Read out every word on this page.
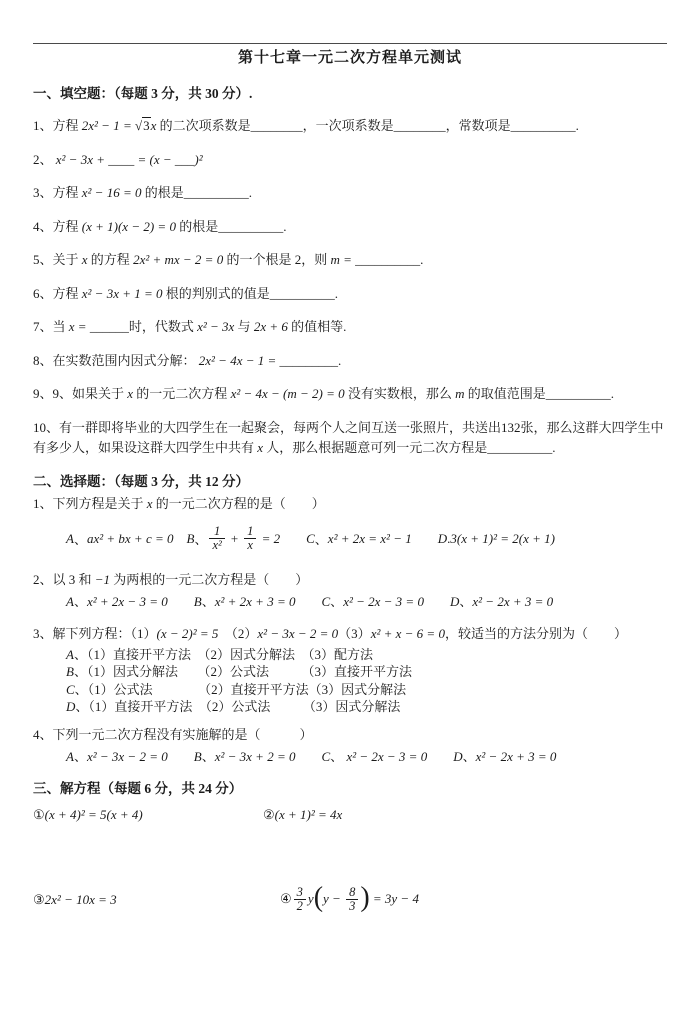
第十七章一元二次方程单元测试
一、填空题：（每题 3 分，共 30 分）.
1、方程 2x² − 1 = √3x 的二次项系数是________，一次项系数是________，常数项是__________.
2、 x² − 3x + ____ = (x − ___)²
3、方程 x² − 16 = 0 的根是__________.
4、方程 (x + 1)(x − 2) = 0 的根是__________.
5、关于 x 的方程 2x² + mx − 2 = 0 的一个根是 2，则 m = __________.
6、方程 x² − 3x + 1 = 0 根的判别式的值是__________.
7、当 x = ______时，代数式 x² − 3x 与 2x + 6 的值相等.
8、在实数范围内因式分解： 2x² − 4x − 1 = _________.
9、9、如果关于 x 的一元二次方程 x² − 4x − (m − 2) = 0 没有实数根，那么 m 的取值范围是__________.
10、有一群即将毕业的大四学生在一起聚会，每两个人之间互送一张照片，共送出132张，那么这群大四学生中有多少人，如果设这群大四学生中共有 x 人，那么根据题意可列一元二次方程是__________.
二、选择题：（每题 3 分，共 12 分）
1、下列方程是关于 x 的一元二次方程的是（　　）
A 、 ax² + bx + c = 0
　 B 、 $\frac{1}{\text{x²}} + \frac{1}{x} = 2$
　　 C 、 x² + 2x = x² − 1
　　 D . 3(x + 1)² = 2(x + 1)
2、以 3 和 −1 为两根的一元二次方程是（　　）
A、x² + 2x − 3 = 0　　 B、x² + 2x + 3 = 0　　 C、x² − 2x − 3 = 0　　 D、x² − 2x + 3 = 0
3、解下列方程：（1）(x − 2)² = 5　（2）x² − 3x − 2 = 0（3）x² + x − 6 = 0，较适当的方法分别为（　　）
A、（1）直接开平方法　（2）因式分解法　（3）配方法
B、（1）因式分解法　　（2）公式法　　　（3）直接开平方法
C、（1）公式法　　　　（2）直接开平方法（3）因式分解法
D、（1）直接开平方法　（2）公式法　　　（3）因式分解法
4、下列一元二次方程没有实施解的是（　　　）
A、x² − 3x − 2 = 0　　 B、x² − 3x + 2 = 0　　 C、 x² − 2x − 3 = 0　　 D、x² − 2x + 3 = 0
三、解方程（每题 6 分，共 24 分）
①(x + 4)² = 5(x + 4)	②(x + 1)² = 4x
③2x² − 10x = 3	④ $\frac{3}{2} y(y - \frac{8}{3}$ ) = 3y − 4
